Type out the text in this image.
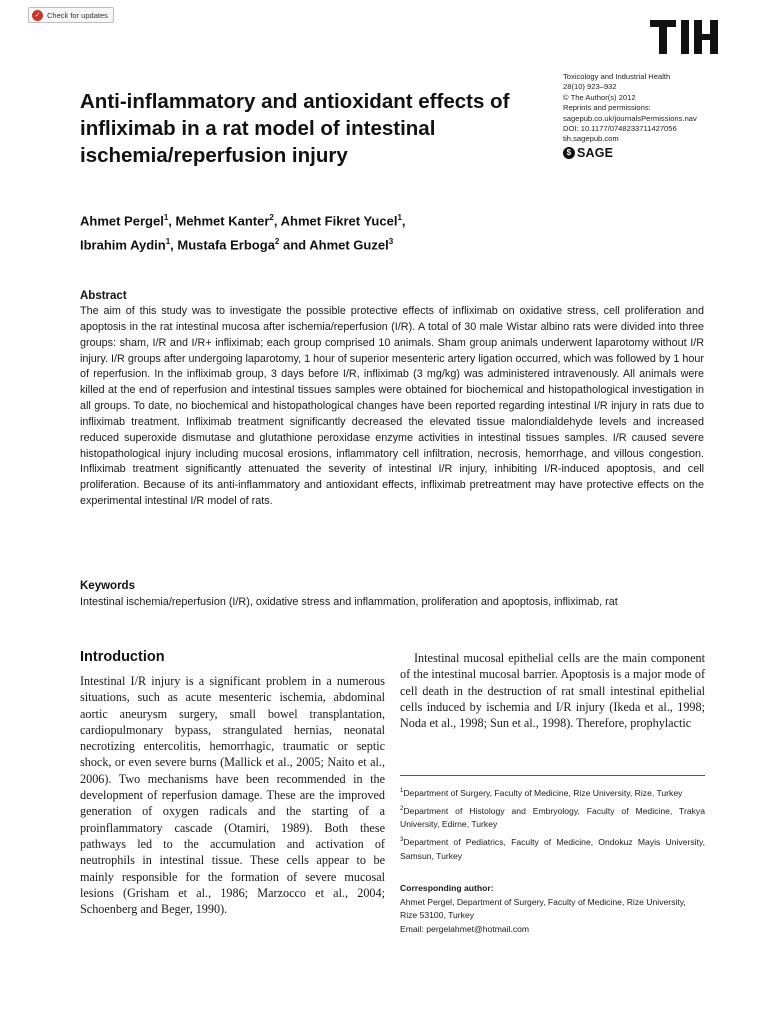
✓ Check for updates
Anti-inflammatory and antioxidant effects of infliximab in a rat model of intestinal ischemia/reperfusion injury
Toxicology and Industrial Health
28(10) 923–932
© The Author(s) 2012
Reprints and permissions:
sagepub.co.uk/journalsPermissions.nav
DOI: 10.1177/0748233711427056
tih.sagepub.com
$ SAGE
Ahmet Pergel$^1$, Mehmet Kanter$^2$, Ahmet Fikret Yucel$^1$,
Ibrahim Aydin$^1$, Mustafa Erboga$^2$ and Ahmet Guzel$^3$
Abstract

The aim of this study was to investigate the possible protective effects of infliximab on oxidative stress, cell proliferation and apoptosis in the rat intestinal mucosa after ischemia/reperfusion (I/R). A total of 30 male Wistar albino rats were divided into three groups: sham, I/R and I/R+ infliximab; each group comprised 10 animals. Sham group animals underwent laparotomy without I/R injury. I/R groups after undergoing laparotomy, 1 hour of superior mesenteric artery ligation occurred, which was followed by 1 hour of reperfusion. In the infliximab group, 3 days before I/R, infliximab (3 mg/kg) was administered intravenously. All animals were killed at the end of reperfusion and intestinal tissues samples were obtained for biochemical and histopathological investigation in all groups. To date, no biochemical and histopathological changes have been reported regarding intestinal I/R injury in rats due to infliximab treatment. Infliximab treatment significantly decreased the elevated tissue malondialdehyde levels and increased reduced superoxide dismutase and glutathione peroxidase enzyme activities in intestinal tissues samples. I/R caused severe histopathological injury including mucosal erosions, inflammatory cell infiltration, necrosis, hemorrhage, and villous congestion. Infliximab treatment significantly attenuated the severity of intestinal I/R injury, inhibiting I/R-induced apoptosis, and cell proliferation. Because of its anti-inflammatory and antioxidant effects, infliximab pretreatment may have protective effects on the experimental intestinal I/R model of rats.

Keywords

Intestinal ischemia/reperfusion (I/R), oxidative stress and inflammation, proliferation and apoptosis, infliximab, rat

Introduction

Intestinal I/R injury is a significant problem in a numerous situations, such as acute mesenteric ischemia, abdominal aortic aneurysm surgery, small bowel transplantation, cardiopulmonary bypass, strangulated hernias, neonatal necrotizing entercolitis, hemorrhagic, traumatic or septic shock, or even severe burns (Mallick et al., 2005; Naito et al., 2006). Two mechanisms have been recommended in the development of reperfusion damage. These are the improved generation of oxygen radicals and the starting of a proinflammatory cascade (Otamiri, 1989). Both these pathways led to the accumulation and activation of neutrophils in intestinal tissue. These cells appear to be mainly responsible for the formation of severe mucosal lesions (Grisham et al., 1986; Marzocco et al., 2004; Schoenberg and Beger, 1990).

Intestinal mucosal epithelial cells are the main component of the intestinal mucosal barrier. Apoptosis is a major mode of cell death in the destruction of rat small intestinal epithelial cells induced by ischemia and I/R injury (Ikeda et al., 1998; Noda et al., 1998; Sun et al., 1998). Therefore, prophylactic

$^1$Department of Surgery, Faculty of Medicine, Rize University, Rize, Turkey

$^2$Department of Histology and Embryology, Faculty of Medicine, Trakya University, Edirne, Turkey

$^3$Department of Pediatrics, Faculty of Medicine, Ondokuz Mayis University, Samsun, Turkey

Corresponding author:
Ahmet Pergel, Department of Surgery, Faculty of Medicine, Rize University, Rize 53100, Turkey
Email: pergelahmet@hotmail.com
